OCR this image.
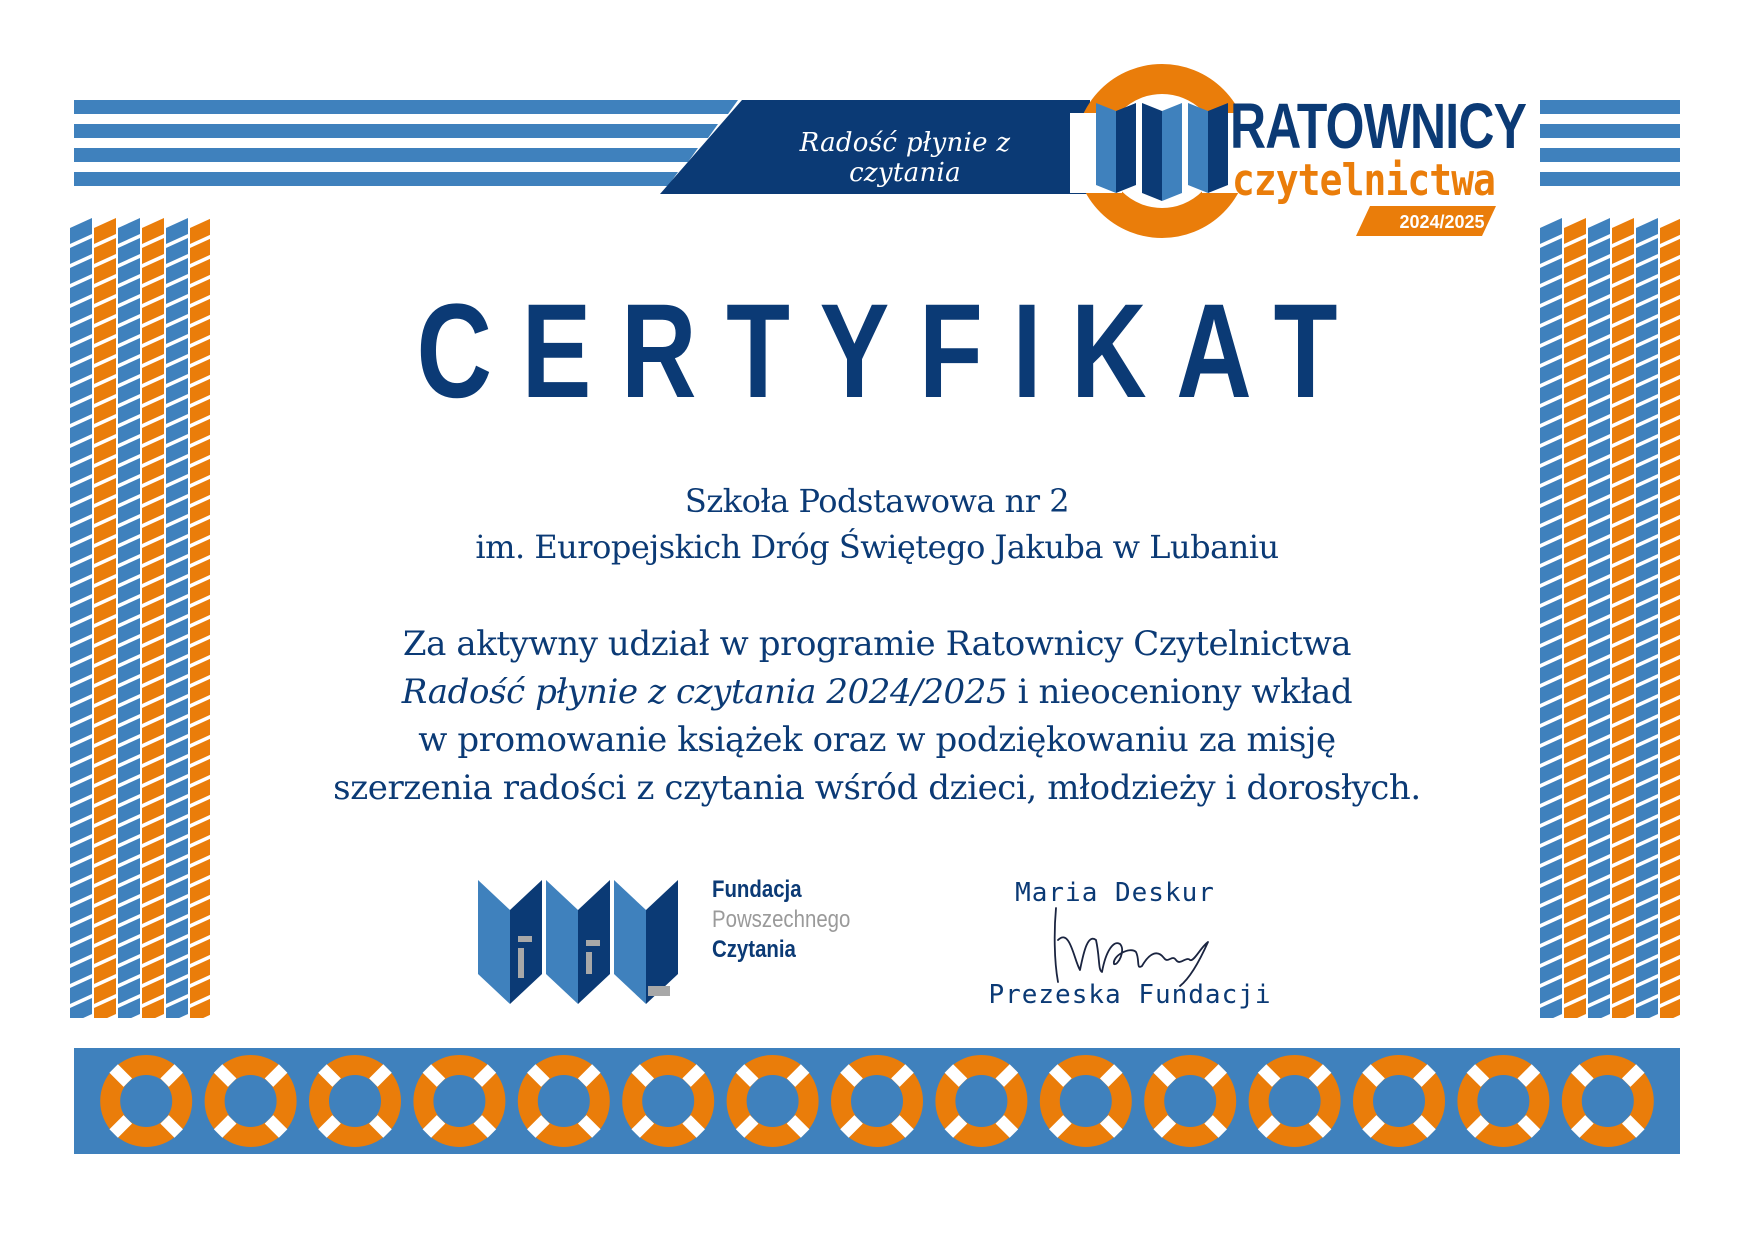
Radość płynie z czytania
RATOWNICY
czytelnictwa
2024/2025
CERTYFIKAT
Szkoła Podstawowa nr 2
im. Europejskich Dróg Świętego Jakuba w Lubaniu
Za aktywny udział w programie Ratownicy Czytelnictwa
Radość płynie z czytania 2024/2025 i nieoceniony wkład
w promowanie książek oraz w podziękowaniu za misję
szerzenia radości z czytania wśród dzieci, młodzieży i dorosłych.
Fundacja
Powszechnego
Czytania
Maria Deskur
Prezeska Fundacji
